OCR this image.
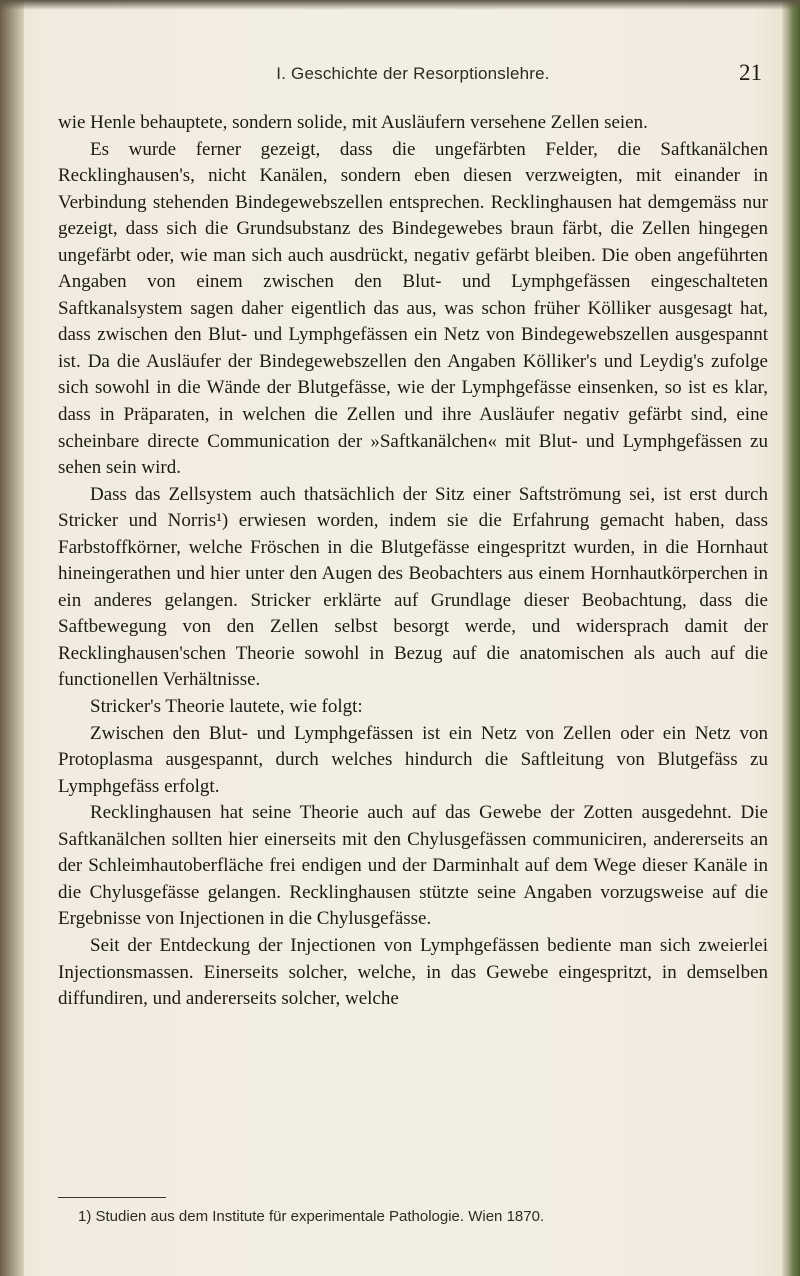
I. Geschichte der Resorptionslehre.	21

wie Henle behauptete, sondern solide, mit Ausläufern versehene Zellen seien.

Es wurde ferner gezeigt, dass die ungefärbten Felder, die Saftkanälchen Recklinghausen's, nicht Kanälen, sondern eben diesen verzweigten, mit einander in Verbindung stehenden Bindegewebszellen entsprechen. Recklinghausen hat demgemäss nur gezeigt, dass sich die Grundsubstanz des Bindegewebes braun färbt, die Zellen hingegen ungefärbt oder, wie man sich auch ausdrückt, negativ gefärbt bleiben. Die oben angeführten Angaben von einem zwischen den Blut- und Lymphgefässen eingeschalteten Saftkanalsystem sagen daher eigentlich das aus, was schon früher Kölliker ausgesagt hat, dass zwischen den Blut- und Lymphgefässen ein Netz von Bindegewebszellen ausgespannt ist. Da die Ausläufer der Bindegewebszellen den Angaben Kölliker's und Leydig's zufolge sich sowohl in die Wände der Blutgefässe, wie der Lymphgefässe einsenken, so ist es klar, dass in Präparaten, in welchen die Zellen und ihre Ausläufer negativ gefärbt sind, eine scheinbare directe Communication der »Saftkanälchen« mit Blut- und Lymphgefässen zu sehen sein wird.

Dass das Zellsystem auch thatsächlich der Sitz einer Saftströmung sei, ist erst durch Stricker und Norris¹) erwiesen worden, indem sie die Erfahrung gemacht haben, dass Farbstoffkörner, welche Fröschen in die Blutgefässe eingespritzt wurden, in die Hornhaut hineingerathen und hier unter den Augen des Beobachters aus einem Hornhautkörperchen in ein anderes gelangen. Stricker erklärte auf Grundlage dieser Beobachtung, dass die Saftbewegung von den Zellen selbst besorgt werde, und widersprach damit der Recklinghausen'schen Theorie sowohl in Bezug auf die anatomischen als auch auf die functionellen Verhältnisse.

Stricker's Theorie lautete, wie folgt:

Zwischen den Blut- und Lymphgefässen ist ein Netz von Zellen oder ein Netz von Protoplasma ausgespannt, durch welches hindurch die Saftleitung von Blutgefäss zu Lymphgefäss erfolgt.

Recklinghausen hat seine Theorie auch auf das Gewebe der Zotten ausgedehnt. Die Saftkanälchen sollten hier einerseits mit den Chylusgefässen communiciren, andererseits an der Schleimhautoberfläche frei endigen und der Darminhalt auf dem Wege dieser Kanäle in die Chylusgefässe gelangen. Recklinghausen stützte seine Angaben vorzugsweise auf die Ergebnisse von Injectionen in die Chylusgefässe.

Seit der Entdeckung der Injectionen von Lymphgefässen bediente man sich zweierlei Injectionsmassen. Einerseits solcher, welche, in das Gewebe eingespritzt, in demselben diffundiren, und andererseits solcher, welche

1) Studien aus dem Institute für experimentale Pathologie. Wien 1870.
